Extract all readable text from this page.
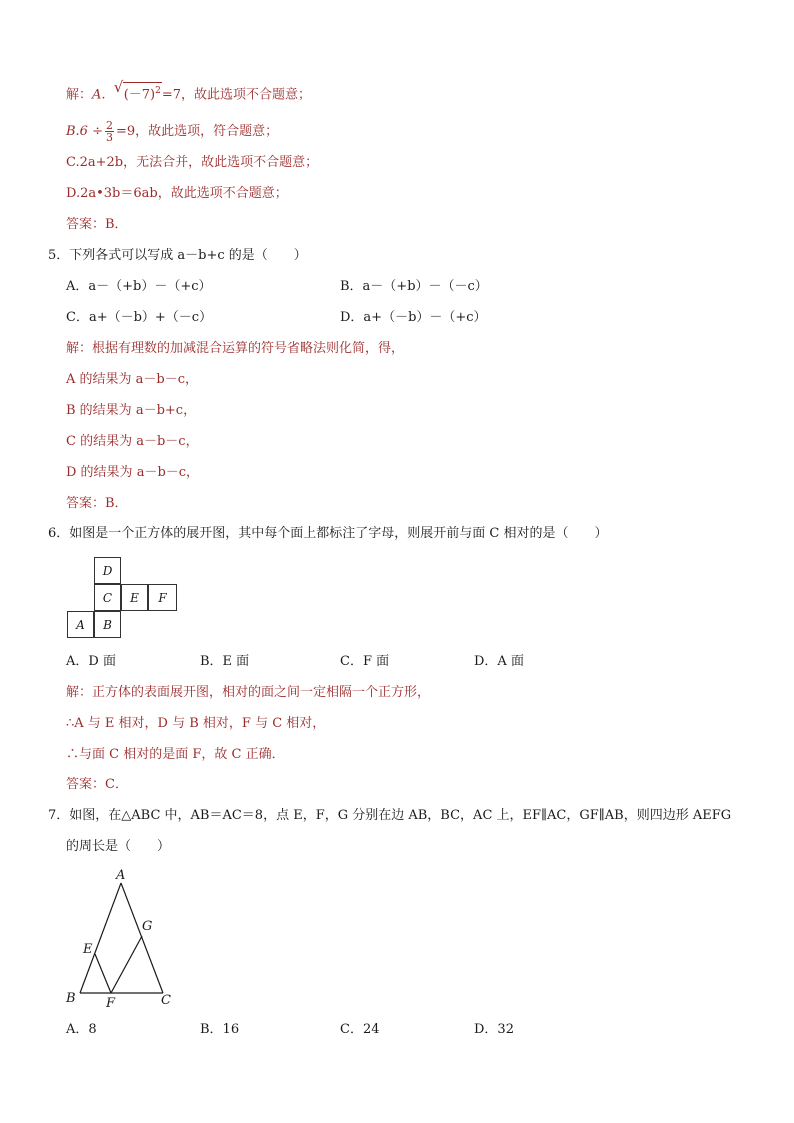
解：A. √ $(-7)^2=7$，故此选项不合题意；
$B.6 \div \frac{2}{3} =9$，故此选项，符合题意；
C.2a+2b，无法合并，故此选项不合题意；
D.2a•3b＝6ab，故此选项不合题意；
答案：B．
5．下列各式可以写成 a－b+c 的是（　　）
A．a－（+b）－（+c）	B．a－（+b）－（－c）
C．a+（－b）+（－c）	D．a+（－b）－（+c）
解：根据有理数的加减混合运算的符号省略法则化简，得，
A 的结果为 a－b－c，
B 的结果为 a－b+c，
C 的结果为 a－b－c，
D 的结果为 a－b－c，
答案：B．
6．如图是一个正方体的展开图，其中每个面上都标注了字母，则展开前与面 C 相对的是（　　）
D
C	E	F
A	B
A．D 面	B．E 面	C．F 面	D．A 面
解：正方体的表面展开图，相对的面之间一定相隔一个正方形，
∴A 与 E 相对，D 与 B 相对，F 与 C 相对，
∴与面 C 相对的是面 F，故 C 正确．
答案：C．
7．如图，在△ABC 中，AB＝AC＝8，点 E，F，G 分别在边 AB，BC，AC 上，EF∥AC，GF∥AB，则四边形 AEFG
的周长是（　　）
A
B	C
E
F
G
A．8	B．16	C．24	D．32
